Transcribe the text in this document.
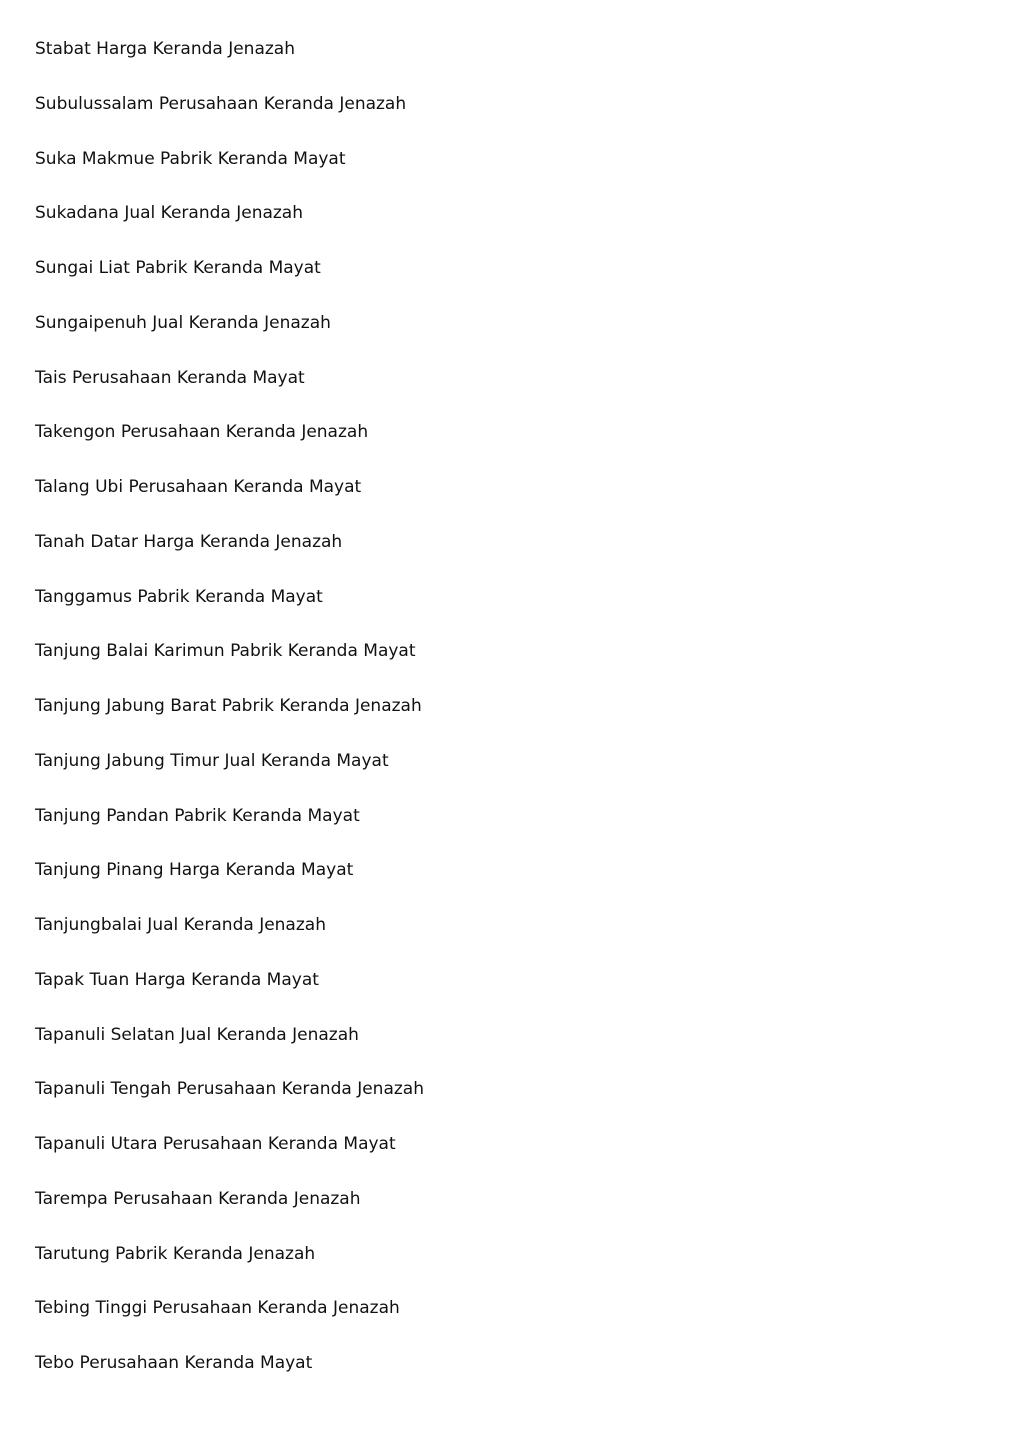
Stabat Harga Keranda Jenazah
Subulussalam Perusahaan Keranda Jenazah
Suka Makmue Pabrik Keranda Mayat
Sukadana Jual Keranda Jenazah
Sungai Liat Pabrik Keranda Mayat
Sungaipenuh Jual Keranda Jenazah
Tais Perusahaan Keranda Mayat
Takengon Perusahaan Keranda Jenazah
Talang Ubi Perusahaan Keranda Mayat
Tanah Datar Harga Keranda Jenazah
Tanggamus Pabrik Keranda Mayat
Tanjung Balai Karimun Pabrik Keranda Mayat
Tanjung Jabung Barat Pabrik Keranda Jenazah
Tanjung Jabung Timur Jual Keranda Mayat
Tanjung Pandan Pabrik Keranda Mayat
Tanjung Pinang Harga Keranda Mayat
Tanjungbalai Jual Keranda Jenazah
Tapak Tuan Harga Keranda Mayat
Tapanuli Selatan Jual Keranda Jenazah
Tapanuli Tengah Perusahaan Keranda Jenazah
Tapanuli Utara Perusahaan Keranda Mayat
Tarempa Perusahaan Keranda Jenazah
Tarutung Pabrik Keranda Jenazah
Tebing Tinggi Perusahaan Keranda Jenazah
Tebo Perusahaan Keranda Mayat
